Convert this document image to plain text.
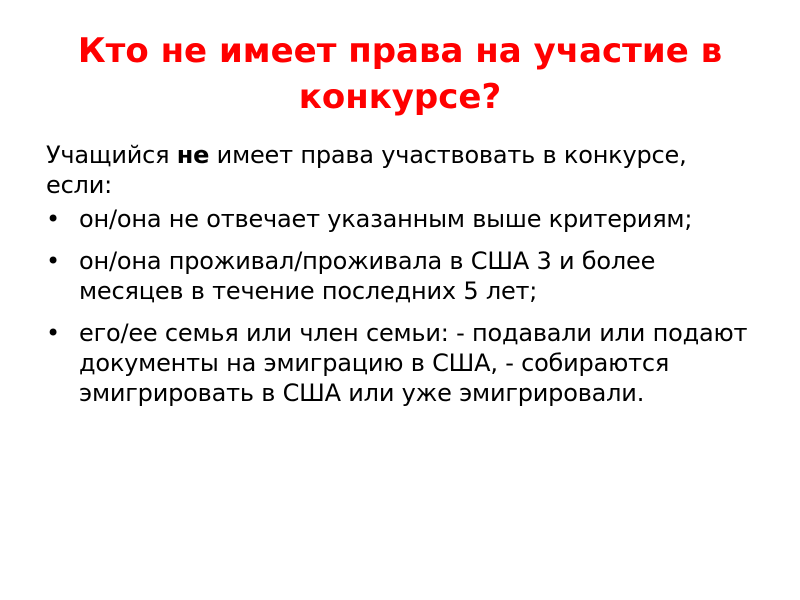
Кто не имеет права на участие в конкурсе?

Учащийся не имеет права участвовать в конкурсе, если:

• он/она не отвечает указанным выше критериям;
• он/она проживал/проживала в США 3 и более месяцев в течение последних 5 лет;
• его/ее семья или член семьи: - подавали или подают документы на эмиграцию в США, - собираются эмигрировать в США или уже эмигрировали.
